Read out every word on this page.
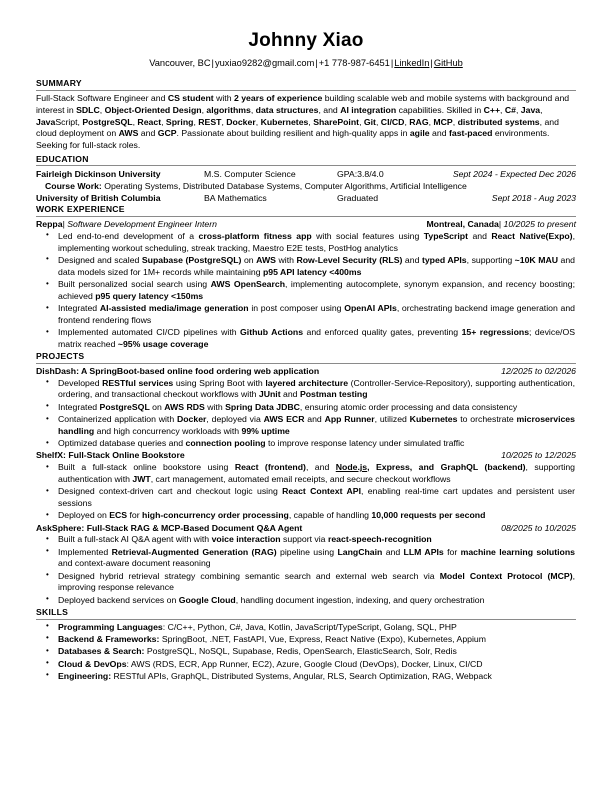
Johnny Xiao
Vancouver, BC|yuxiao9282@gmail.com|+1 778-987-6451|LinkedIn|GitHub
SUMMARY

Full-Stack Software Engineer and CS student with 2 years of experience building scalable web and mobile systems with background and interest in SDLC, Object-Oriented Design, algorithms, data structures, and AI integration capabilities. Skilled in C++, C#, Java, JavaScript, PostgreSQL, React, Spring, REST, Docker, Kubernetes, SharePoint, Git, CI/CD, RAG, MCP, distributed systems, and cloud deployment on AWS and GCP. Passionate about building resilient and high-quality apps in agile and fast-paced environments. Seeking for full-stack roles.

EDUCATION
Fairleigh Dickinson University	M.S. Computer Science	GPA:3.8/4.0	Sept 2024 - Expected Dec 2026
Course Work: Operating Systems, Distributed Database Systems, Computer Algorithms, Artificial Intelligence
University of British Columbia	BA Mathematics	Graduated	Sept 2018 - Aug 2023
WORK EXPERIENCE
Reppa| Software Development Engineer Intern	Montreal, Canada| 10/2025 to present
• Led end-to-end development of a cross-platform fitness app with social features using TypeScript and React Native(Expo), implementing workout scheduling, streak tracking, Maestro E2E tests, PostHog analytics
• Designed and scaled Supabase (PostgreSQL) on AWS with Row-Level Security (RLS) and typed APIs, supporting ~10K MAU and data models sized for 1M+ records while maintaining p95 API latency <400ms
• Built personalized social search using AWS OpenSearch, implementing autocomplete, synonym expansion, and recency boosting; achieved p95 query latency <150ms
• Integrated AI-assisted media/image generation in post composer using OpenAI APIs, orchestrating backend image generation and frontend rendering flows
• Implemented automated CI/CD pipelines with Github Actions and enforced quality gates, preventing 15+ regressions; device/OS matrix reached ~95% usage coverage
PROJECTS
DishDash: A SpringBoot-based online food ordering web application	12/2025 to 02/2026
• Developed RESTful services using Spring Boot with layered architecture (Controller-Service-Repository), supporting authentication, ordering, and transactional checkout workflows with JUnit and Postman testing
• Integrated PostgreSQL on AWS RDS with Spring Data JDBC, ensuring atomic order processing and data consistency
• Containerized application with Docker, deployed via AWS ECR and App Runner, utilized Kubernetes to orchestrate microservices handling and high concurrency workloads with 99% uptime
• Optimized database queries and connection pooling to improve response latency under simulated traffic
ShelfX: Full-Stack Online Bookstore	10/2025 to 12/2025
• Built a full-stack online bookstore using React (frontend), and Node.js, Express, and GraphQL (backend), supporting authentication with JWT, cart management, automated email receipts, and secure checkout workflows
• Designed context-driven cart and checkout logic using React Context API, enabling real-time cart updates and persistent user sessions
• Deployed on ECS for high-concurrency order processing, capable of handling 10,000 requests per second
AskSphere: Full-Stack RAG & MCP-Based Document Q&A Agent	08/2025 to 10/2025
• Built a full-stack AI Q&A agent with with voice interaction support via react-speech-recognition
• Implemented Retrieval-Augmented Generation (RAG) pipeline using LangChain and LLM APIs for machine learning solutions and context-aware document reasoning
• Designed hybrid retrieval strategy combining semantic search and external web search via Model Context Protocol (MCP), improving response relevance
• Deployed backend services on Google Cloud, handling document ingestion, indexing, and query orchestration
SKILLS
• Programming Languages: C/C++, Python, C#, Java, Kotlin, JavaScript/TypeScript, Golang, SQL, PHP
• Backend & Frameworks: SpringBoot, .NET, FastAPI, Vue, Express, React Native (Expo), Kubernetes, Appium
• Databases & Search: PostgreSQL, NoSQL, Supabase, Redis, OpenSearch, ElasticSearch, Solr, Redis
• Cloud & DevOps: AWS (RDS, ECR, App Runner, EC2), Azure, Google Cloud (DevOps), Docker, Linux, CI/CD
• Engineering: RESTful APIs, GraphQL, Distributed Systems, Angular, RLS, Search Optimization, RAG, Webpack
